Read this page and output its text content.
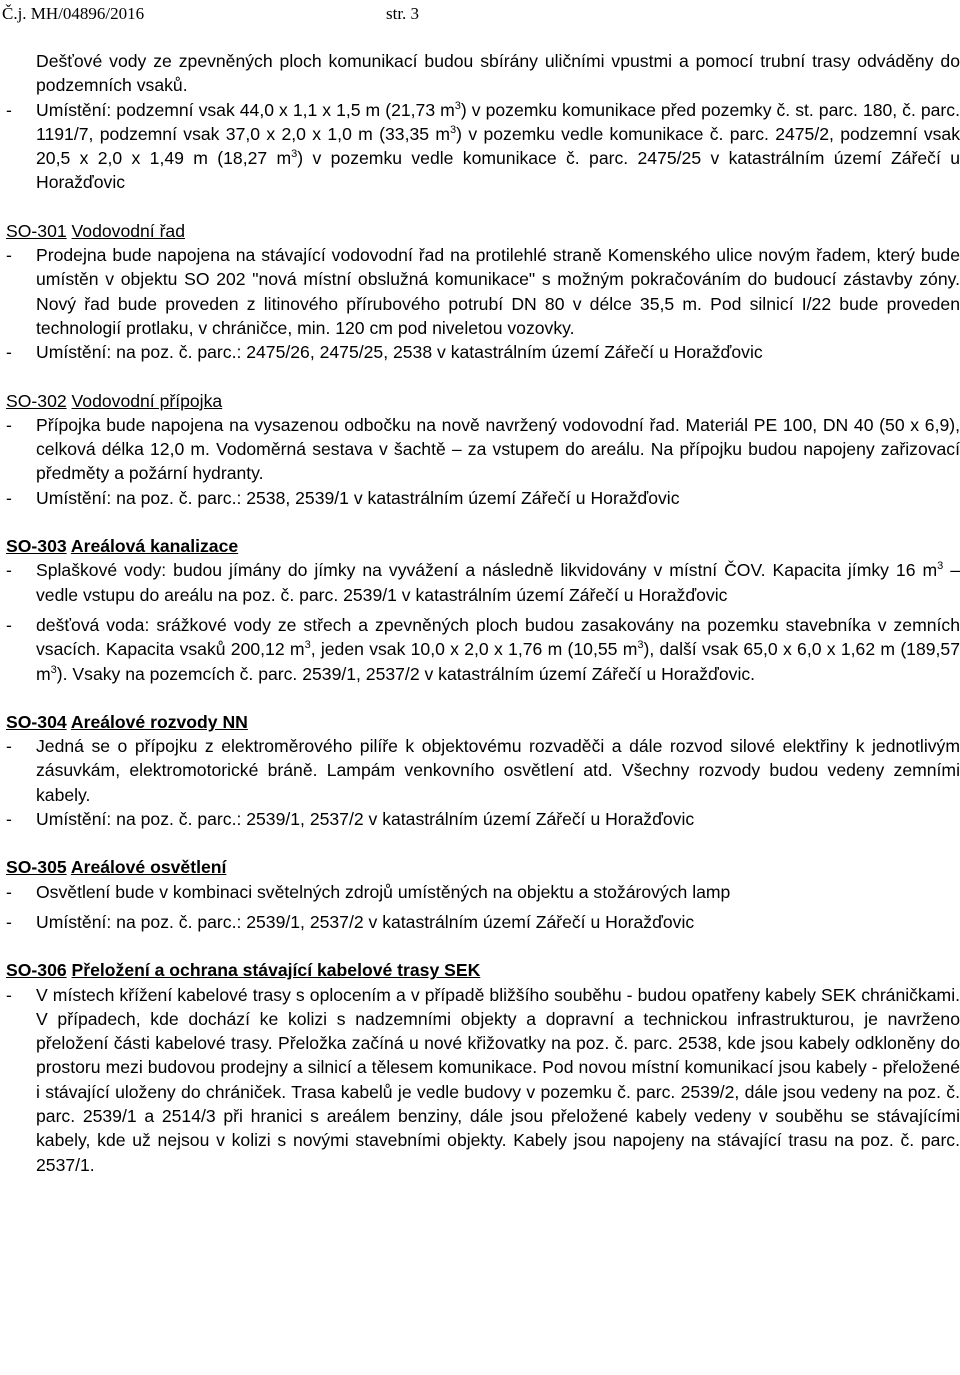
Č.j. MH/04896/2016	str. 3

Dešťové vody ze zpevněných ploch komunikací budou sbírány uličními vpustmi a pomocí trubní trasy odváděny do podzemních vsaků.

- Umístění: podzemní vsak 44,0 x 1,1 x 1,5 m (21,73 $m^3$) v pozemku komunikace před pozemky č. st. parc. 180, č. parc. 1191/7, podzemní vsak 37,0 x 2,0 x 1,0 m (33,35 $m^3$) v pozemku vedle komunikace č. parc. 2475/2, podzemní vsak 20,5 x 2,0 x 1,49 m (18,27 $m^3$) v pozemku vedle komunikace č. parc. 2475/25 v katastrálním území Zářečí u Horažďovic

SO-301 Vodovodní řad

- Prodejna bude napojena na stávající vodovodní řad na protilehlé straně Komenského ulice novým řadem, který bude umístěn v objektu SO 202 "nová místní obslužná komunikace" s možným pokračováním do budoucí zástavby zóny. Nový řad bude proveden z litinového přírubového potrubí DN 80 v délce 35,5 m. Pod silnicí I/22 bude proveden technologií protlaku, v chráničce, min. 120 cm pod niveletou vozovky.
- Umístění: na poz. č. parc.: 2475/26, 2475/25, 2538 v katastrálním území Zářečí u Horažďovic

SO-302 Vodovodní přípojka

- Přípojka bude napojena na vysazenou odbočku na nově navržený vodovodní řad. Materiál PE 100, DN 40 (50 x 6,9), celková délka 12,0 m. Vodoměrná sestava v šachtě – za vstupem do areálu. Na přípojku budou napojeny zařizovací předměty a požární hydranty.
- Umístění: na poz. č. parc.: 2538, 2539/1 v katastrálním území Zářečí u Horažďovic

SO-303 Areálová kanalizace

- Splaškové vody: budou jímány do jímky na vyvážení a následně likvidovány v místní ČOV. Kapacita jímky 16 $m^3$ – vedle vstupu do areálu na poz. č. parc. 2539/1 v katastrálním území Zářečí u Horažďovic
- dešťová voda: srážkové vody ze střech a zpevněných ploch budou zasakovány na pozemku stavebníka v zemních vsacích. Kapacita vsaků 200,12 $m^3$, jeden vsak 10,0 x 2,0 x 1,76 m (10,55 $m^3$), další vsak 65,0 x 6,0 x 1,62 m (189,57 $m^3$). Vsaky na pozemcích č. parc. 2539/1, 2537/2 v katastrálním území Zářečí u Horažďovic.

SO-304 Areálové rozvody NN

- Jedná se o přípojku z elektroměrového pilíře k objektovému rozvaděči a dále rozvod silové elektřiny k jednotlivým zásuvkám, elektromotorické bráně. Lampám venkovního osvětlení atd. Všechny rozvody budou vedeny zemními kabely.
- Umístění: na poz. č. parc.: 2539/1, 2537/2 v katastrálním území Zářečí u Horažďovic

SO-305 Areálové osvětlení

- Osvětlení bude v kombinaci světelných zdrojů umístěných na objektu a stožárových lamp
- Umístění: na poz. č. parc.: 2539/1, 2537/2 v katastrálním území Zářečí u Horažďovic

SO-306 Přeložení a ochrana stávající kabelové trasy SEK

- V místech křížení kabelové trasy s oplocením a v případě bližšího souběhu - budou opatřeny kabely SEK chráničkami. V případech, kde dochází ke kolizi s nadzemními objekty a dopravní a technickou infrastrukturou, je navrženo přeložení části kabelové trasy. Přeložka začíná u nové křižovatky na poz. č. parc. 2538, kde jsou kabely odkloněny do prostoru mezi budovou prodejny a silnicí a tělesem komunikace. Pod novou místní komunikací jsou kabely - přeložené i stávající uloženy do chrániček. Trasa kabelů je vedle budovy v pozemku č. parc. 2539/2, dále jsou vedeny na poz. č. parc. 2539/1 a 2514/3 při hranici s areálem benziny, dále jsou přeložené kabely vedeny v souběhu se stávajícími kabely, kde už nejsou v kolizi s novými stavebními objekty. Kabely jsou napojeny na stávající trasu na poz. č. parc. 2537/1.
